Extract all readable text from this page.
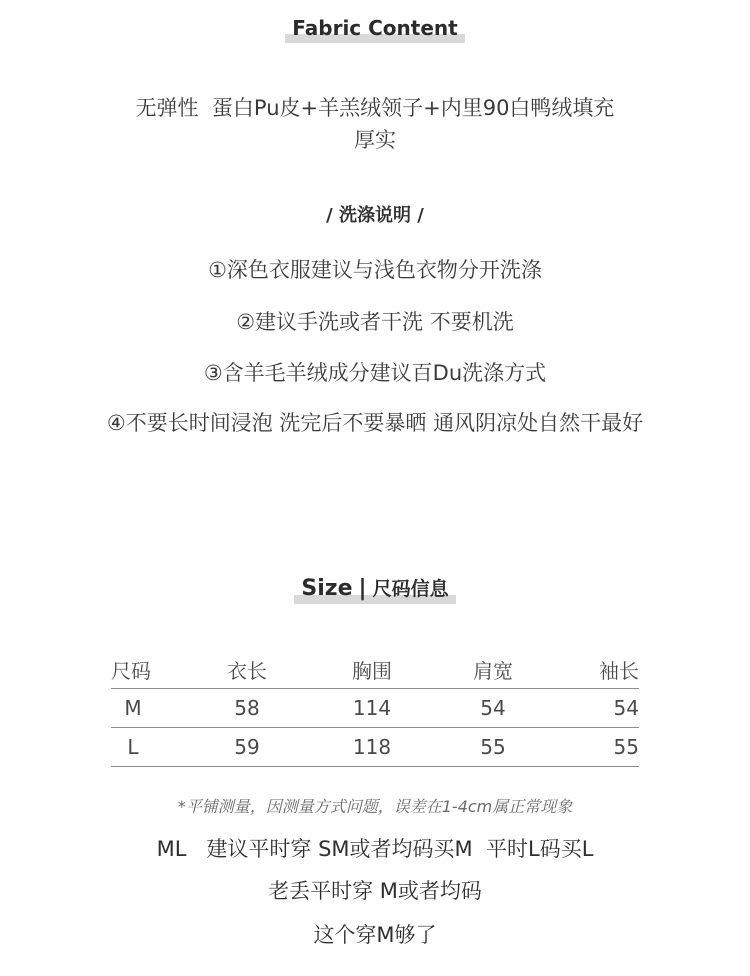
Fabric Content
无弹性  蛋白Pu皮+羊羔绒领子+内里90白鸭绒填充
厚实
/ 洗涤说明 /
①深色衣服建议与浅色衣物分开洗涤
②建议手洗或者干洗 不要机洗
③含羊毛羊绒成分建议百Du洗涤方式
④不要长时间浸泡 洗完后不要暴晒 通风阴凉处自然干最好
Size | 尺码信息
尺码	衣长	胸围	肩宽	袖长
M	58	114	54	54
L	59	118	55	55
*平铺测量，因测量方式问题，误差在1-4cm属正常现象
ML   建议平时穿 SM或者均码买M  平时L码买L
老丢平时穿 M或者均码
这个穿M够了
